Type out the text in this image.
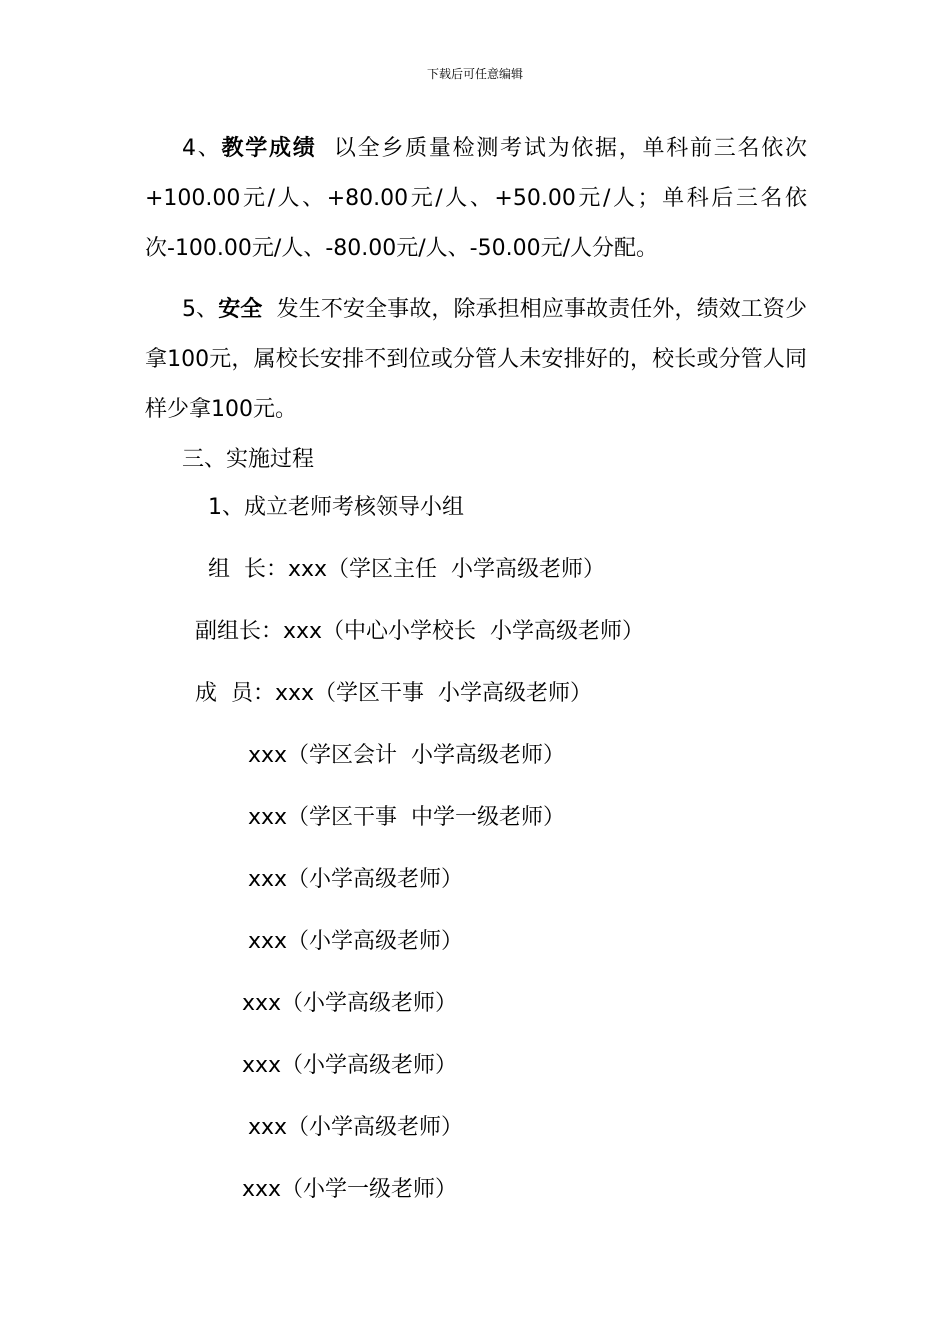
下载后可任意编辑
4、教学成绩 以全乡质量检测考试为依据，单科前三名依次+100.00元/人、+80.00元/人、+50.00元/人；单科后三名依次-100.00元/人、-80.00元/人、-50.00元/人分配。
5、安全 发生不安全事故，除承担相应事故责任外，绩效工资少拿100元，属校长安排不到位或分管人未安排好的，校长或分管人同样少拿100元。
三、实施过程
1、成立老师考核领导小组
组  长：xxx（学区主任  小学高级老师）
副组长：xxx（中心小学校长  小学高级老师）
成  员：xxx（学区干事  小学高级老师）
xxx（学区会计  小学高级老师）
xxx（学区干事  中学一级老师）
xxx（小学高级老师）
xxx（小学高级老师）
xxx（小学高级老师）
xxx（小学高级老师）
xxx（小学高级老师）
xxx（小学一级老师）
